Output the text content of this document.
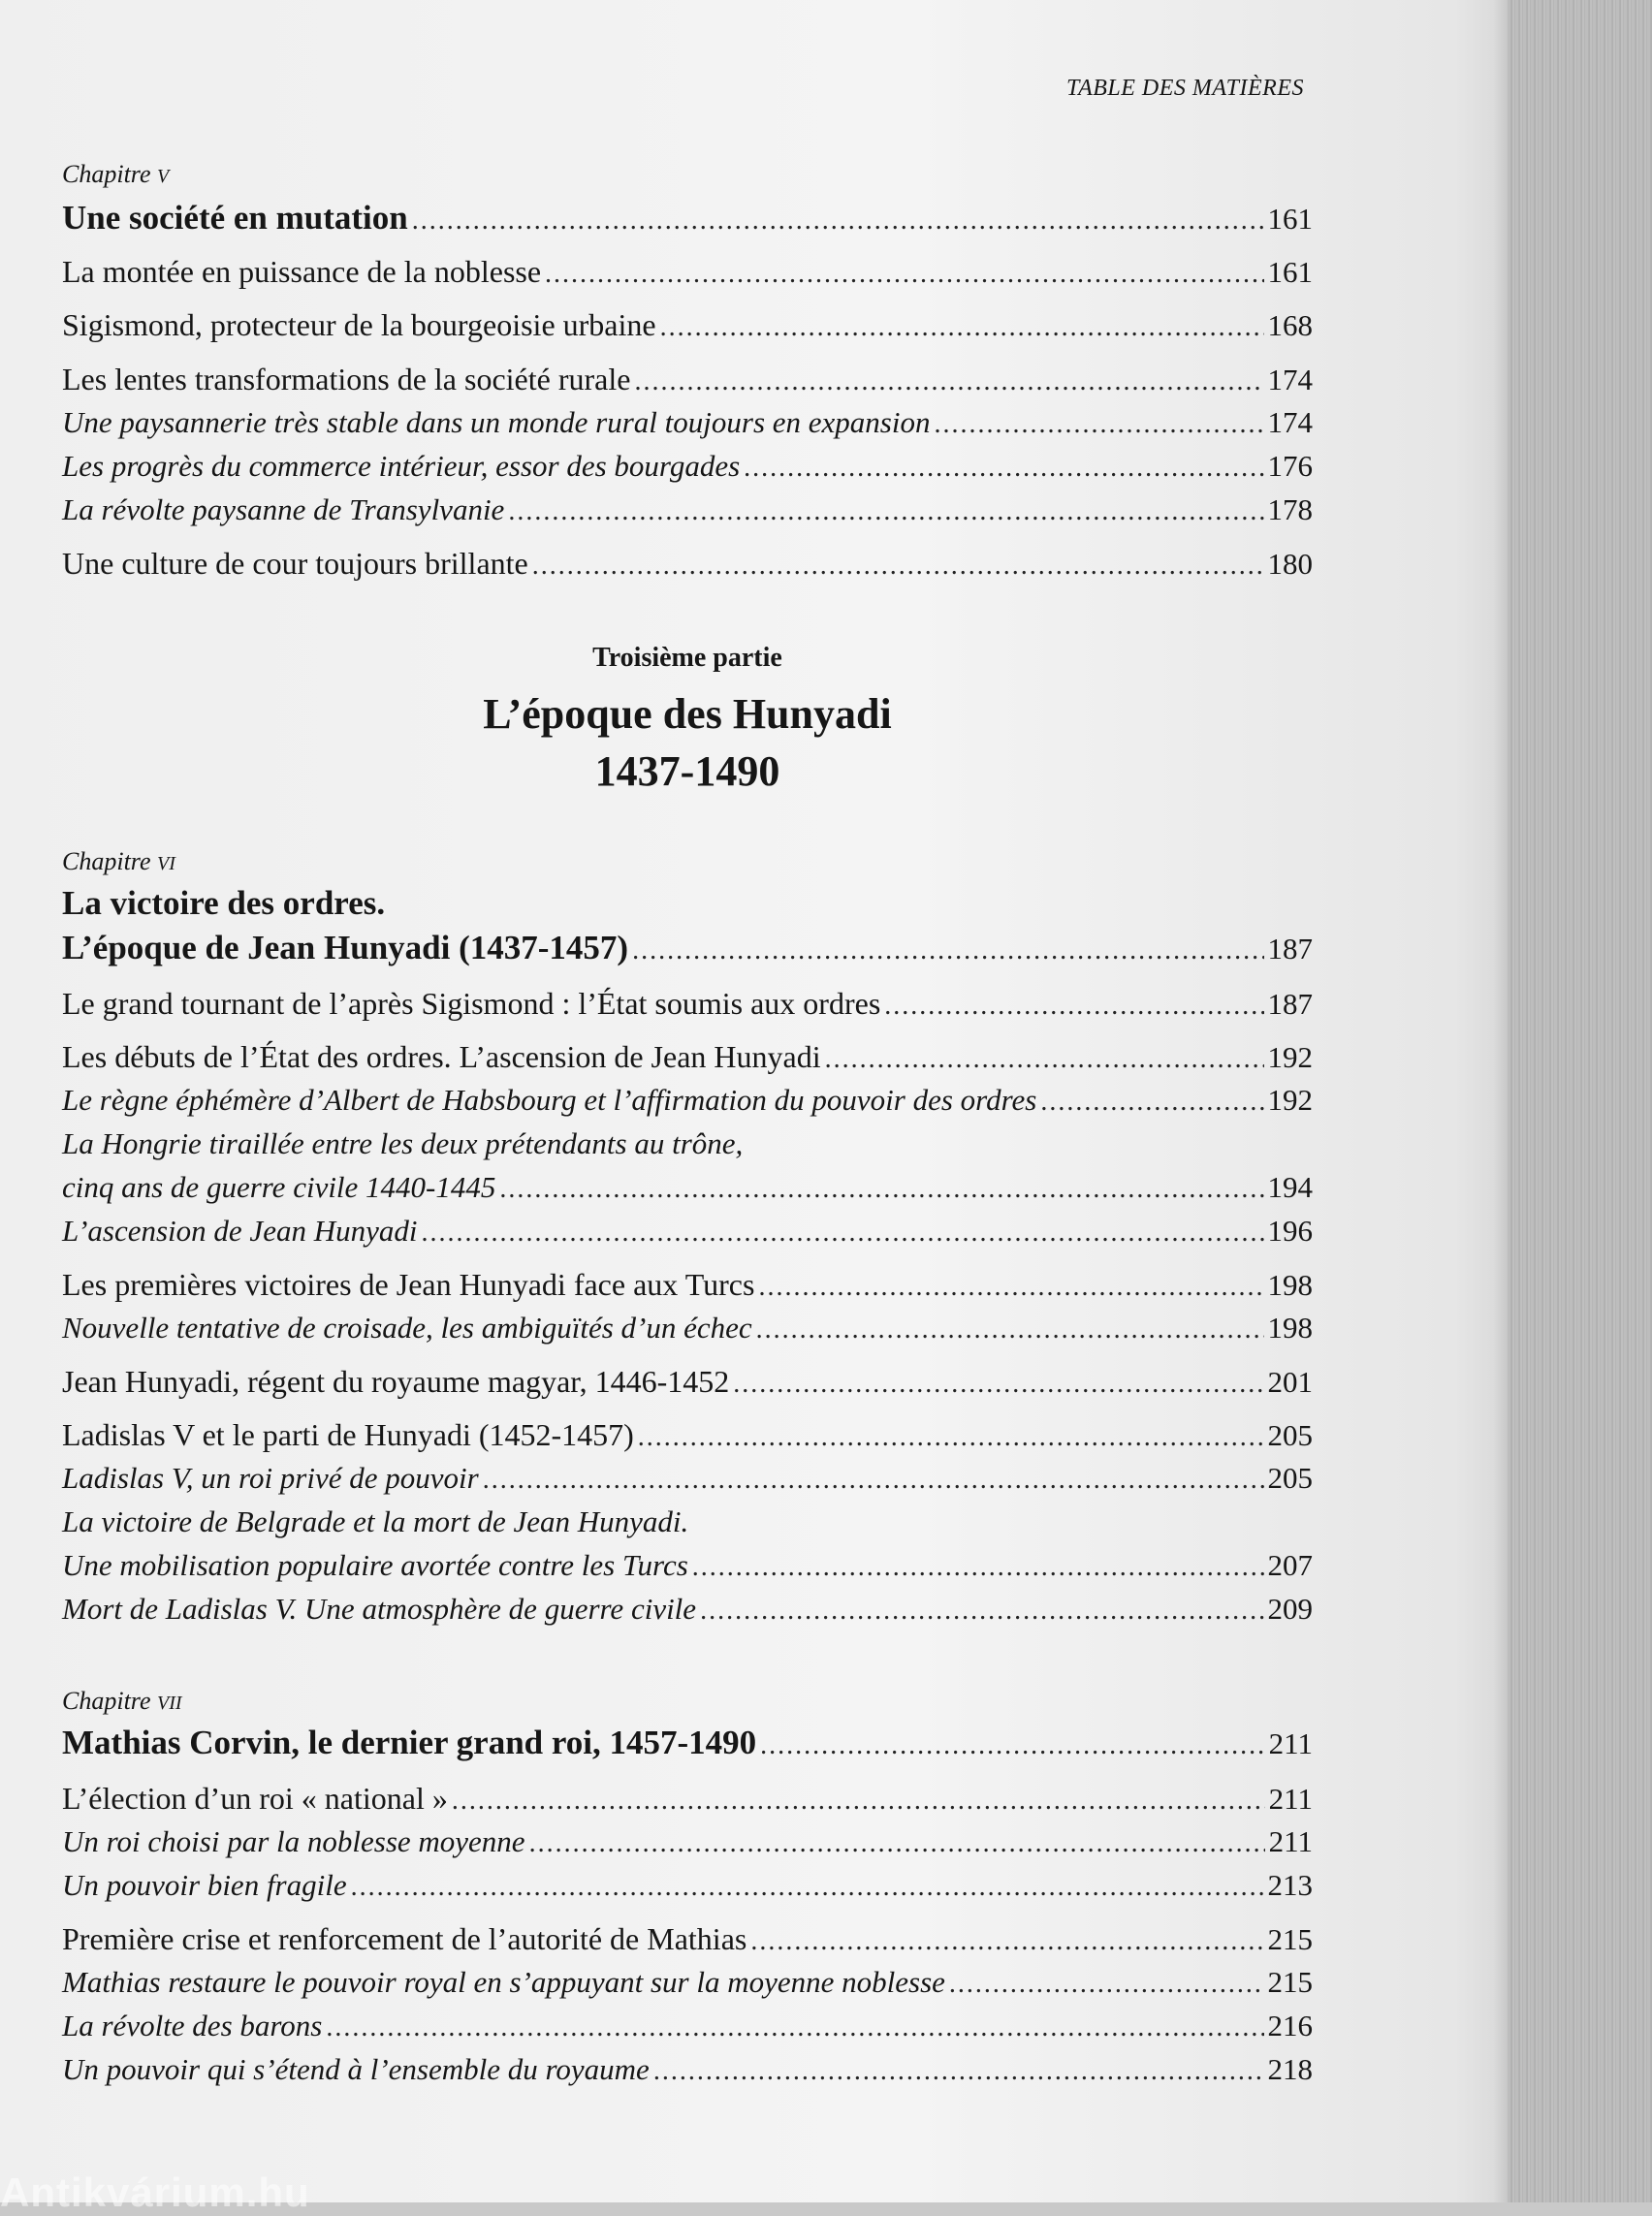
TABLE DES MATIÈRES
Chapitre V
Une société en mutation .....	161
La montée en puissance de la noblesse .....	161
Sigismond, protecteur de la bourgeoisie urbaine .....	168
Les lentes transformations de la société rurale .....	174
Une paysannerie très stable dans un monde rural toujours en expansion .....	174
Les progrès du commerce intérieur, essor des bourgades .....	176
La révolte paysanne de Transylvanie .....	178
Une culture de cour toujours brillante .....	180
Troisième partie
L’époque des Hunyadi
1437-1490
Chapitre VI
La victoire des ordres.
L’époque de Jean Hunyadi (1437-1457) .....	187
Le grand tournant de l’après Sigismond : l’État soumis aux ordres .....	187
Les débuts de l’État des ordres. L’ascension de Jean Hunyadi .....	192
Le règne éphémère d’Albert de Habsbourg et l’affirmation du pouvoir des ordres .....	192
La Hongrie tiraillée entre les deux prétendants au trône,
cinq ans de guerre civile 1440-1445 .....	194
L’ascension de Jean Hunyadi .....	196
Les premières victoires de Jean Hunyadi face aux Turcs .....	198
Nouvelle tentative de croisade, les ambiguïtés d’un échec .....	198
Jean Hunyadi, régent du royaume magyar, 1446-1452 .....	201
Ladislas V et le parti de Hunyadi (1452-1457) .....	205
Ladislas V, un roi privé de pouvoir .....	205
La victoire de Belgrade et la mort de Jean Hunyadi.
Une mobilisation populaire avortée contre les Turcs .....	207
Mort de Ladislas V. Une atmosphère de guerre civile .....	209
Chapitre VII
Mathias Corvin, le dernier grand roi, 1457-1490 .....	211
L’élection d’un roi « national » .....	211
Un roi choisi par la noblesse moyenne .....	211
Un pouvoir bien fragile .....	213
Première crise et renforcement de l’autorité de Mathias .....	215
Mathias restaure le pouvoir royal en s’appuyant sur la moyenne noblesse .....	215
La révolte des barons .....	216
Un pouvoir qui s’étend à l’ensemble du royaume .....	218
Antikvárium.hu
